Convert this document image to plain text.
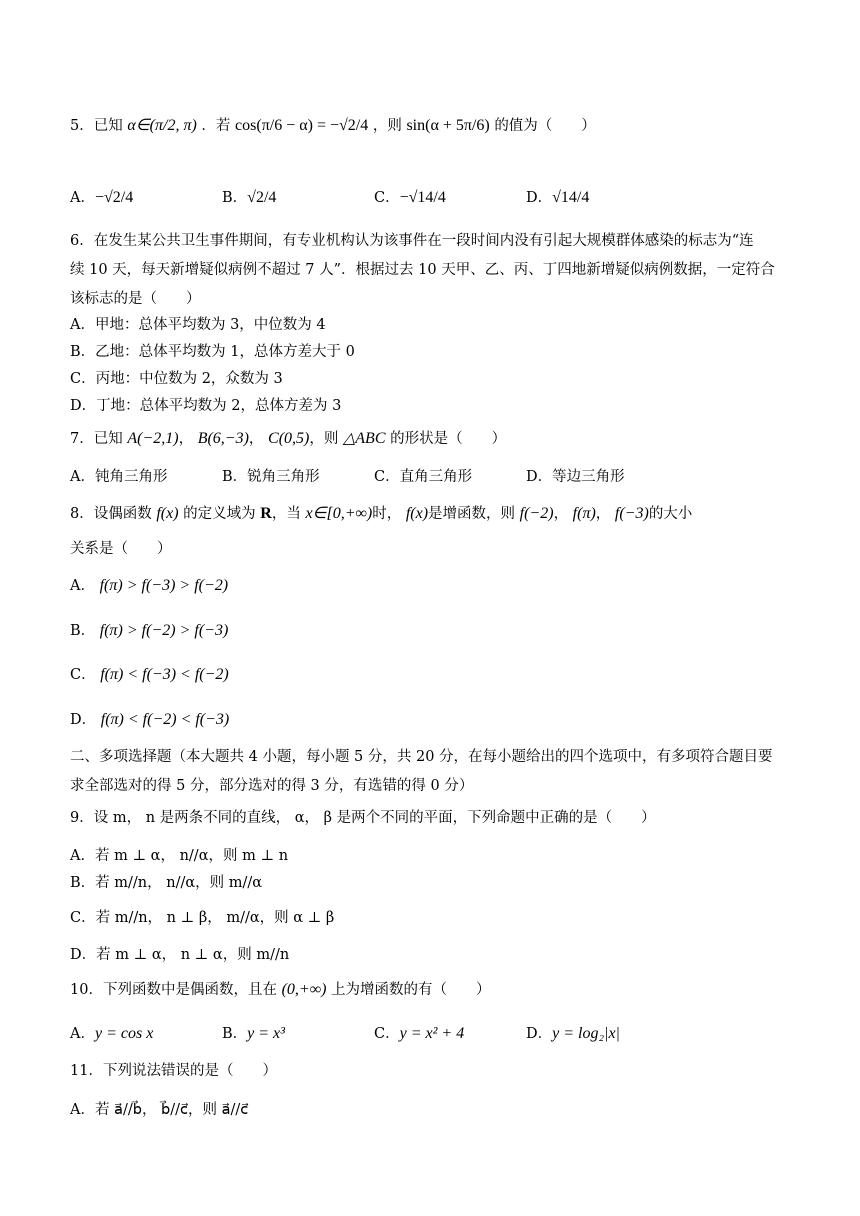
5．已知 α∈(π/2, π) ．若 cos(π/6 − α) = −√2/4 ，则 sin(α + 5π/6) 的值为（　　）
A．−√2/4	B．√2/4	C．−√14/4	D．√14/4
6．在发生某公共卫生事件期间，有专业机构认为该事件在一段时间内没有引起大规模群体感染的标志为“连
续 10 天，每天新增疑似病例不超过 7 人”．根据过去 10 天甲、乙、丙、丁四地新增疑似病例数据，一定符合
该标志的是（　　）
A．甲地：总体平均数为 3，中位数为 4
B．乙地：总体平均数为 1，总体方差大于 0
C．丙地：中位数为 2，众数为 3
D．丁地：总体平均数为 2，总体方差为 3
7．已知 A(−2,1)， B(6,−3)， C(0,5)，则 △ABC 的形状是（　　）
A．钝角三角形	B．锐角三角形	C．直角三角形	D．等边三角形
8．设偶函数 f(x) 的定义域为 R，当 x∈[0,+∞)时， f(x)是增函数，则 f(−2)， f(π)， f(−3)的大小
关系是（　　）
A． f(π) > f(−3) > f(−2)
B． f(π) > f(−2) > f(−3)
C． f(π) < f(−3) < f(−2)
D． f(π) < f(−2) < f(−3)
二、多项选择题（本大题共 4 小题，每小题 5 分，共 20 分，在每小题给出的四个选项中，有多项符合题目要
求全部选对的得 5 分，部分选对的得 3 分，有选错的得 0 分）
9．设 m， n 是两条不同的直线， α， β 是两个不同的平面，下列命题中正确的是（　　）
A．若 m ⊥ α， n//α，则 m ⊥ n
B．若 m//n， n//α，则 m//α
C．若 m//n， n ⊥ β， m//α，则 α ⊥ β
D．若 m ⊥ α， n ⊥ α，则 m//n
10．下列函数中是偶函数，且在 (0,+∞) 上为增函数的有（　　）
A．y = cos x	B．y = x³	C．y = x² + 4	D．y = log₂|x|
11．下列说法错误的是（　　）
A．若 a⃗//b⃗， b⃗//c⃗，则 a⃗//c⃗
